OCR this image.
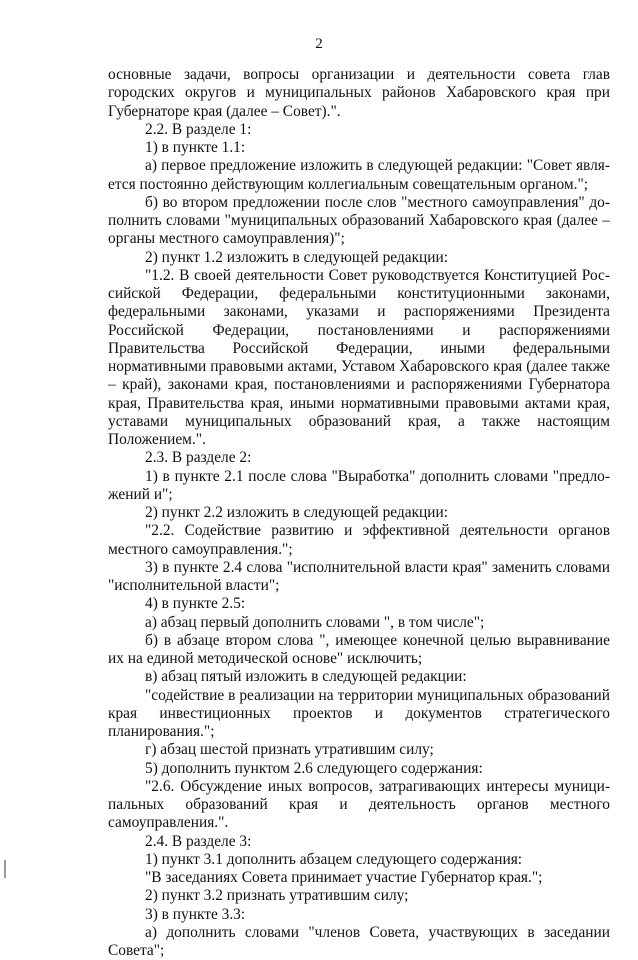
2

основные задачи, вопросы организации и деятельности совета глав городских округов и муниципальных районов Хабаровского края при Губернаторе края (далее – Совет).".

2.2. В разделе 1:

1) в пункте 1.1:

а) первое предложение изложить в следующей редакции: "Совет является постоянно действующим коллегиальным совещательным органом.";

б) во втором предложении после слов "местного самоуправления" дополнить словами "муниципальных образований Хабаровского края (далее – органы местного самоуправления)";

2) пункт 1.2 изложить в следующей редакции:

"1.2. В своей деятельности Совет руководствуется Конституцией Российской Федерации, федеральными конституционными законами, федеральными законами, указами и распоряжениями Президента Российской Федерации, постановлениями и распоряжениями Правительства Российской Федерации, иными федеральными нормативными правовыми актами, Уставом Хабаровского края (далее также – край), законами края, постановлениями и распоряжениями Губернатора края, Правительства края, иными нормативными правовыми актами края, уставами муниципальных образований края, а также настоящим Положением.".

2.3. В разделе 2:

1) в пункте 2.1 после слова "Выработка" дополнить словами "предложений и";

2) пункт 2.2 изложить в следующей редакции:

"2.2. Содействие развитию и эффективной деятельности органов местного самоуправления.";

3) в пункте 2.4 слова "исполнительной власти края" заменить словами "исполнительной власти";

4) в пункте 2.5:

а) абзац первый дополнить словами ", в том числе";

б) в абзаце втором слова ", имеющее конечной целью выравнивание их на единой методической основе" исключить;

в) абзац пятый изложить в следующей редакции:

"содействие в реализации на территории муниципальных образований края инвестиционных проектов и документов стратегического планирования.";

г) абзац шестой признать утратившим силу;

5) дополнить пунктом 2.6 следующего содержания:

"2.6. Обсуждение иных вопросов, затрагивающих интересы муниципальных образований края и деятельность органов местного самоуправления.".

2.4. В разделе 3:

1) пункт 3.1 дополнить абзацем следующего содержания:

"В заседаниях Совета принимает участие Губернатор края.";

2) пункт 3.2 признать утратившим силу;

3) в пункте 3.3:

а) дополнить словами "членов Совета, участвующих в заседании Совета";
